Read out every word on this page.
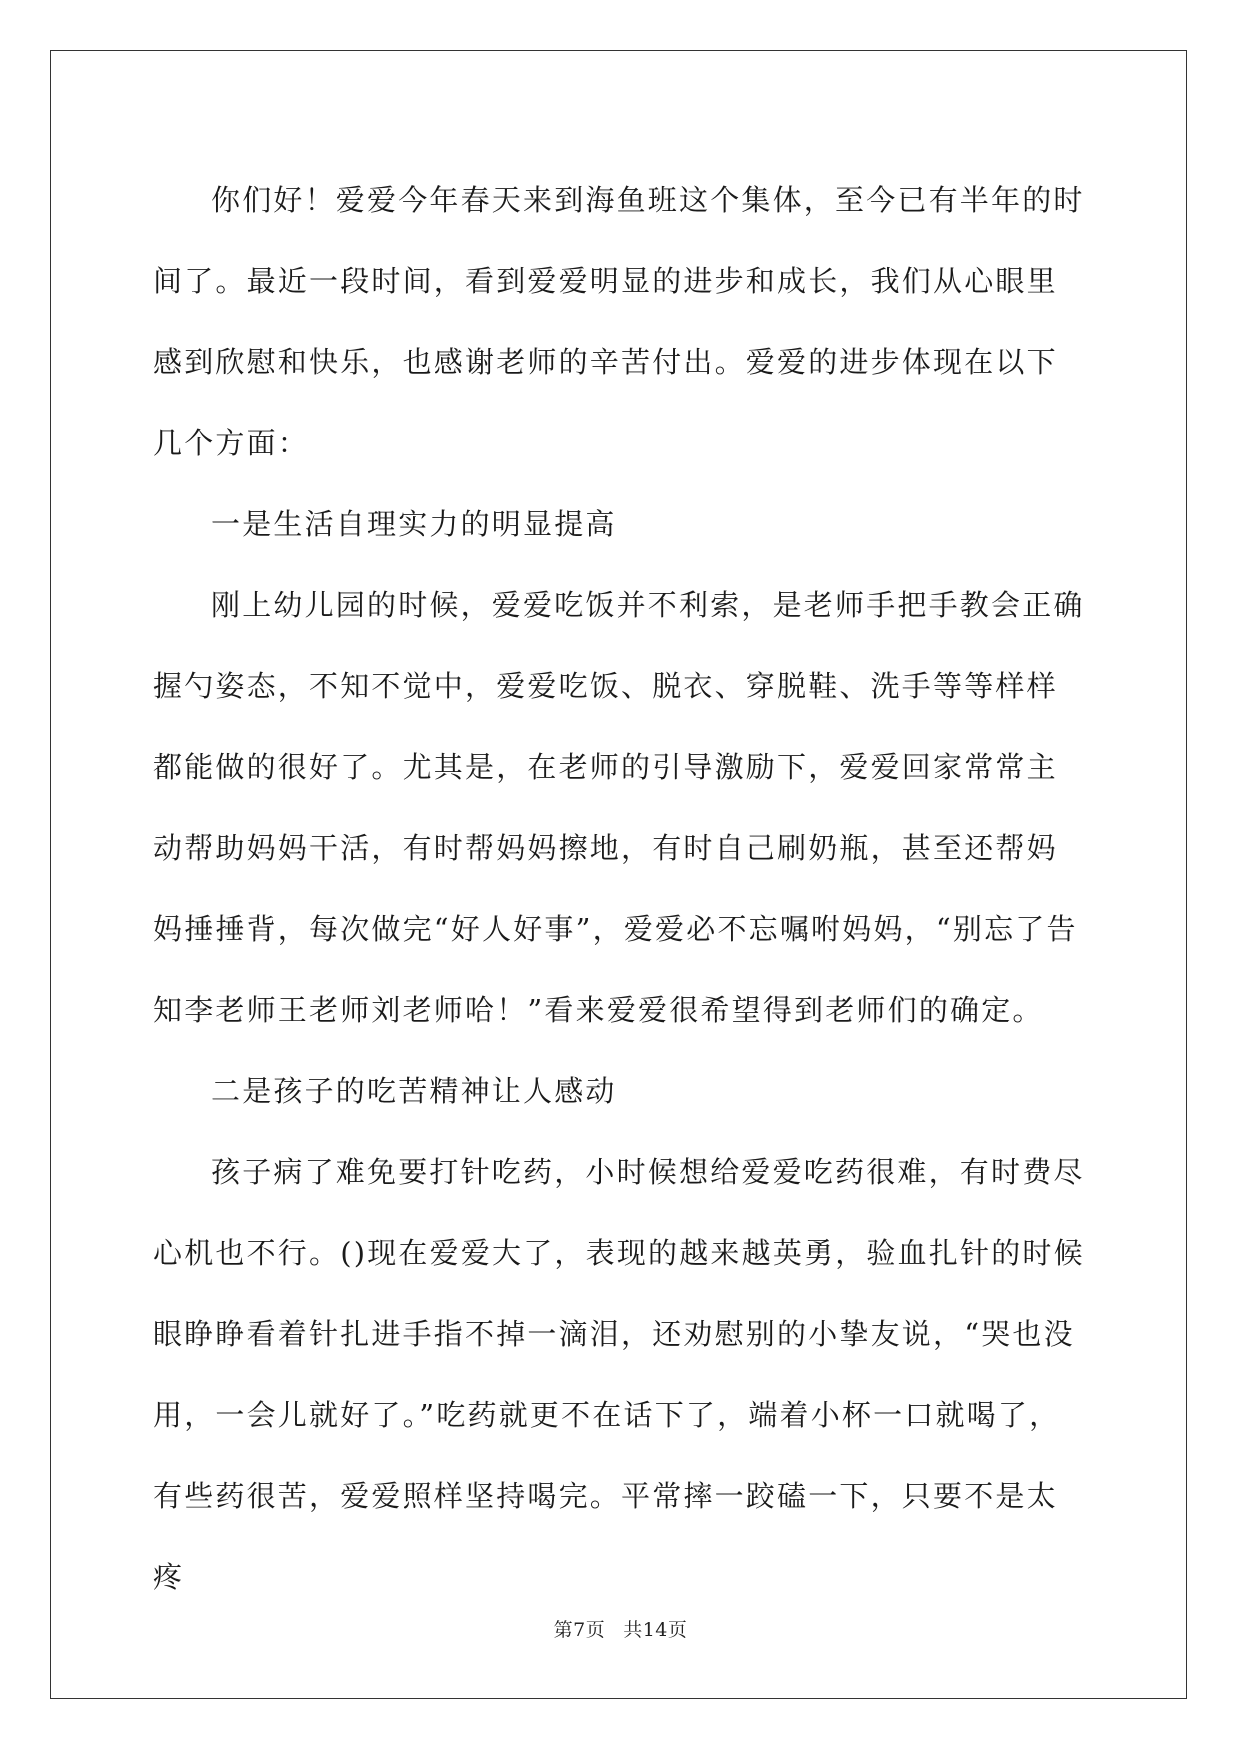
你们好！爱爱今年春天来到海鱼班这个集体，至今已有半年的时间了。最近一段时间，看到爱爱明显的进步和成长，我们从心眼里感到欣慰和快乐，也感谢老师的辛苦付出。爱爱的进步体现在以下几个方面：

一是生活自理实力的明显提高

刚上幼儿园的时候，爱爱吃饭并不利索，是老师手把手教会正确握勺姿态，不知不觉中，爱爱吃饭、脱衣、穿脱鞋、洗手等等样样都能做的很好了。尤其是，在老师的引导激励下，爱爱回家常常主动帮助妈妈干活，有时帮妈妈擦地，有时自己刷奶瓶，甚至还帮妈妈捶捶背，每次做完“好人好事”，爱爱必不忘嘱咐妈妈，“别忘了告知李老师王老师刘老师哈！”看来爱爱很希望得到老师们的确定。

二是孩子的吃苦精神让人感动

孩子病了难免要打针吃药，小时候想给爱爱吃药很难，有时费尽心机也不行。()现在爱爱大了，表现的越来越英勇，验血扎针的时候眼睁睁看着针扎进手指不掉一滴泪，还劝慰别的小挚友说，“哭也没用，一会儿就好了。”吃药就更不在话下了，端着小杯一口就喝了，有些药很苦，爱爱照样坚持喝完。平常摔一跤磕一下，只要不是太疼

第7页 共14页
